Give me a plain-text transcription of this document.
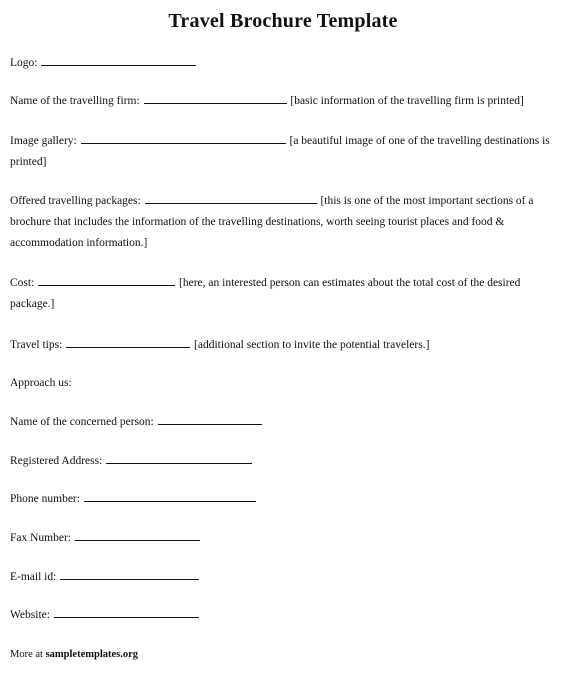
Travel Brochure Template
Logo:
Name of the travelling firm:	[basic information of the travelling firm is printed]
Image gallery:	[a beautiful image of one of the travelling destinations is printed]
Offered travelling packages:	[this is one of the most important sections of a brochure that includes the information of the travelling destinations, worth seeing tourist places and food & accommodation information.]
Cost:	[here, an interested person can estimates about the total cost of the desired package.]
Travel tips:	[additional section to invite the potential travelers.]
Approach us:
Name of the concerned person:
Registered Address:
Phone number:
Fax Number:
E-mail id:
Website:
More at sampletemplates.org
